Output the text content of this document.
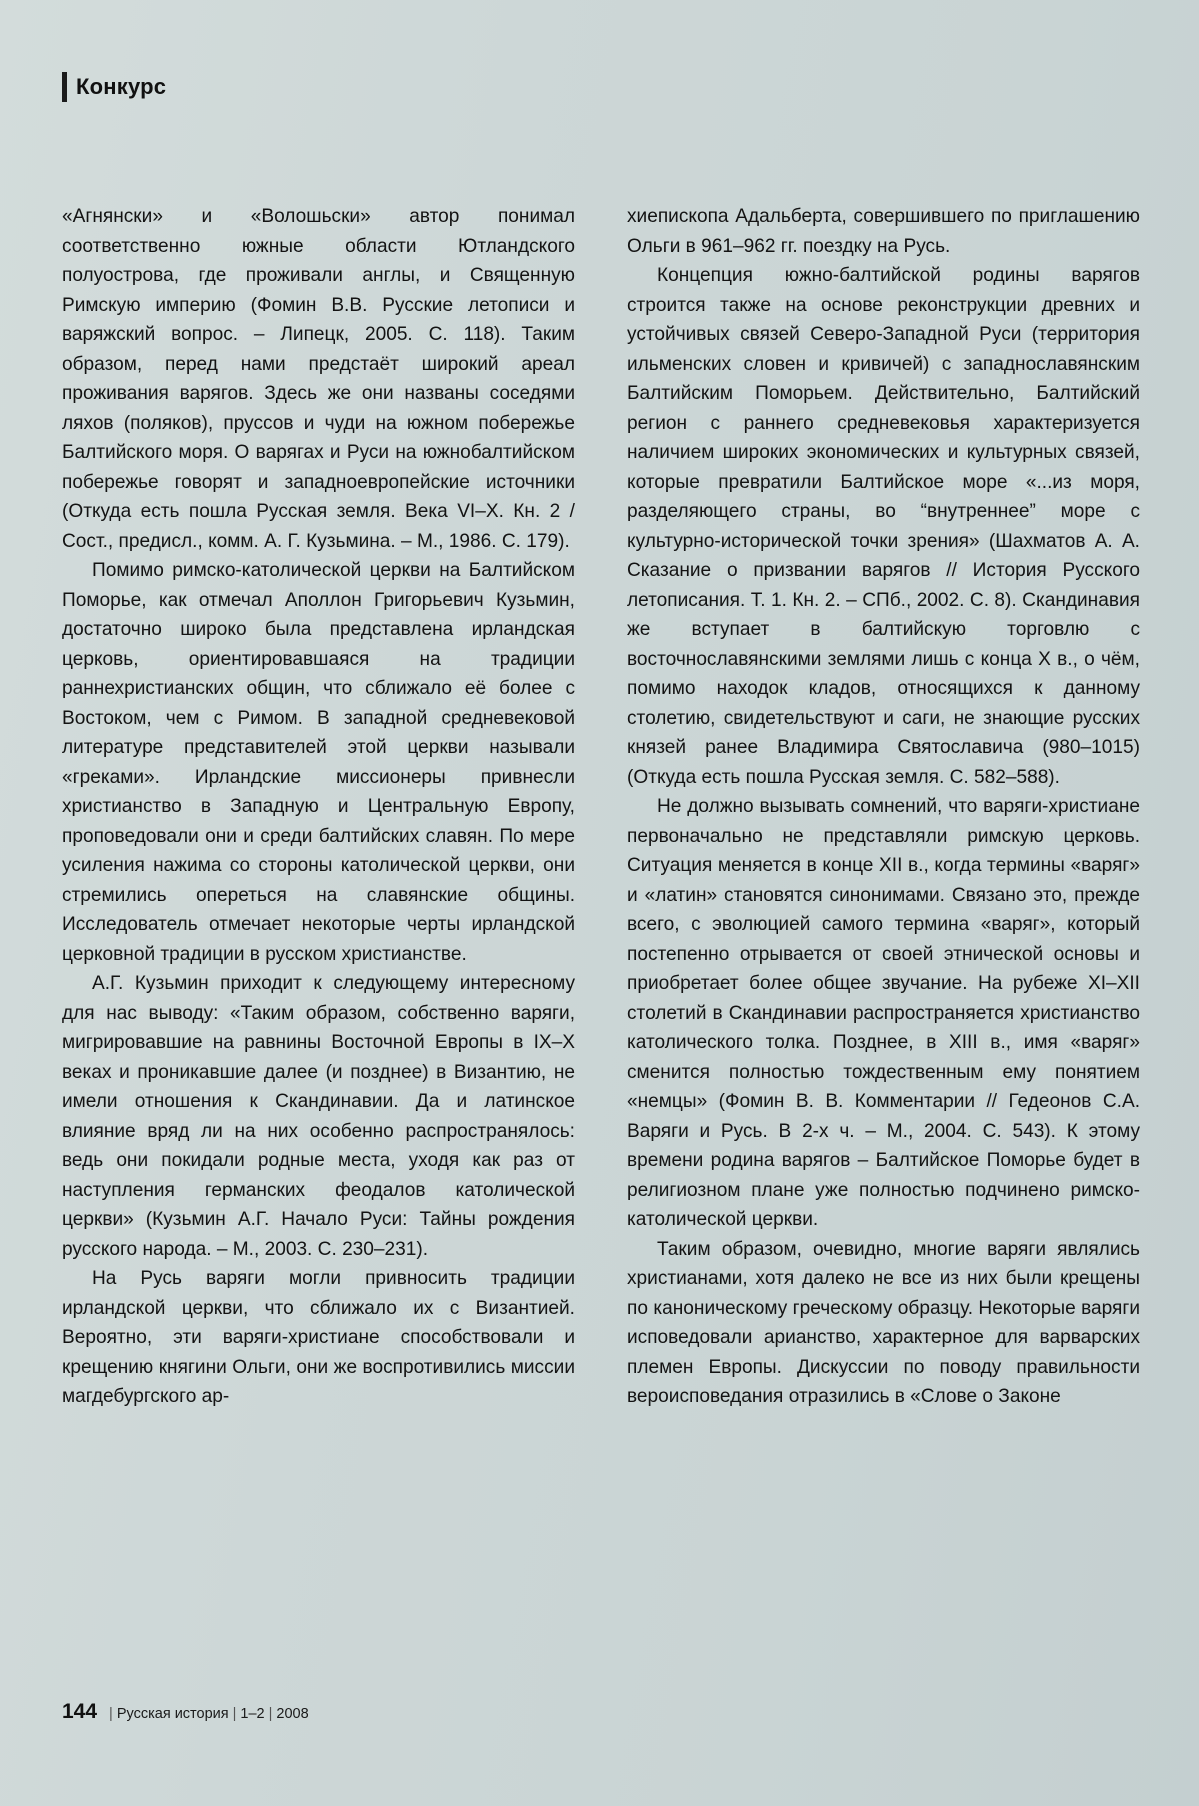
Конкурс

«Агнянски» и «Волошьски» автор понимал соответственно южные области Ютландского полуострова, где проживали англы, и Священную Римскую империю (Фомин В.В. Русские летописи и варяжский вопрос. – Липецк, 2005. С. 118). Таким образом, перед нами предстаёт широкий ареал проживания варягов. Здесь же они названы соседями ляхов (поляков), пруссов и чуди на южном побережье Балтийского моря. О варягах и Руси на южнобалтийском побережье говорят и западноевропейские источники (Откуда есть пошла Русская земля. Века VI–X. Кн. 2 / Сост., предисл., комм. А. Г. Кузьмина. – М., 1986. С. 179).

Помимо римско-католической церкви на Балтийском Поморье, как отмечал Аполлон Григорьевич Кузьмин, достаточно широко была представлена ирландская церковь, ориентировавшаяся на традиции раннехристианских общин, что сближало её более с Востоком, чем с Римом. В западной средневековой литературе представителей этой церкви называли «греками». Ирландские миссионеры привнесли христианство в Западную и Центральную Европу, проповедовали они и среди балтийских славян. По мере усиления нажима со стороны католической церкви, они стремились опереться на славянские общины. Исследователь отмечает некоторые черты ирландской церковной традиции в русском христианстве.

А.Г. Кузьмин приходит к следующему интересному для нас выводу: «Таким образом, собственно варяги, мигрировавшие на равнины Восточной Европы в IX–X веках и проникавшие далее (и позднее) в Византию, не имели отношения к Скандинавии. Да и латинское влияние вряд ли на них особенно распространялось: ведь они покидали родные места, уходя как раз от наступления германских феодалов католической церкви» (Кузьмин А.Г. Начало Руси: Тайны рождения русского народа. – М., 2003. С. 230–231).

На Русь варяги могли привносить традиции ирландской церкви, что сближало их с Византией. Вероятно, эти варяги-христиане способствовали и крещению княгини Ольги, они же воспротивились миссии магдебургского ар-

хиепископа Адальберта, совершившего по приглашению Ольги в 961–962 гг. поездку на Русь.

Концепция южно-балтийской родины варягов строится также на основе реконструкции древних и устойчивых связей Северо-Западной Руси (территория ильменских словен и кривичей) с западнославянским Балтийским Поморьем. Действительно, Балтийский регион с раннего средневековья характеризуется наличием широких экономических и культурных связей, которые превратили Балтийское море «...из моря, разделяющего страны, во “внутреннее” море с культурно-исторической точки зрения» (Шахматов А. А. Сказание о призвании варягов // История Русского летописания. Т. 1. Кн. 2. – СПб., 2002. С. 8). Скандинавия же вступает в балтийскую торговлю с восточнославянскими землями лишь с конца X в., о чём, помимо находок кладов, относящихся к данному столетию, свидетельствуют и саги, не знающие русских князей ранее Владимира Святославича (980–1015) (Откуда есть пошла Русская земля. С. 582–588).

Не должно вызывать сомнений, что варяги-христиане первоначально не представляли римскую церковь. Ситуация меняется в конце XII в., когда термины «варяг» и «латин» становятся синонимами. Связано это, прежде всего, с эволюцией самого термина «варяг», который постепенно отрывается от своей этнической основы и приобретает более общее звучание. На рубеже XI–XII столетий в Скандинавии распространяется христианство католического толка. Позднее, в XIII в., имя «варяг» сменится полностью тождественным ему понятием «немцы» (Фомин В. В. Комментарии // Гедеонов С.А. Варяги и Русь. В 2-х ч. – М., 2004. С. 543). К этому времени родина варягов – Балтийское Поморье будет в религиозном плане уже полностью подчинено римско-католической церкви.

Таким образом, очевидно, многие варяги являлись христианами, хотя далеко не все из них были крещены по каноническому греческому образцу. Некоторые варяги исповедовали арианство, характерное для варварских племен Европы. Дискуссии по поводу правильности вероисповедания отразились в «Слове о Законе

144 | Русская история | 1–2 | 2008
